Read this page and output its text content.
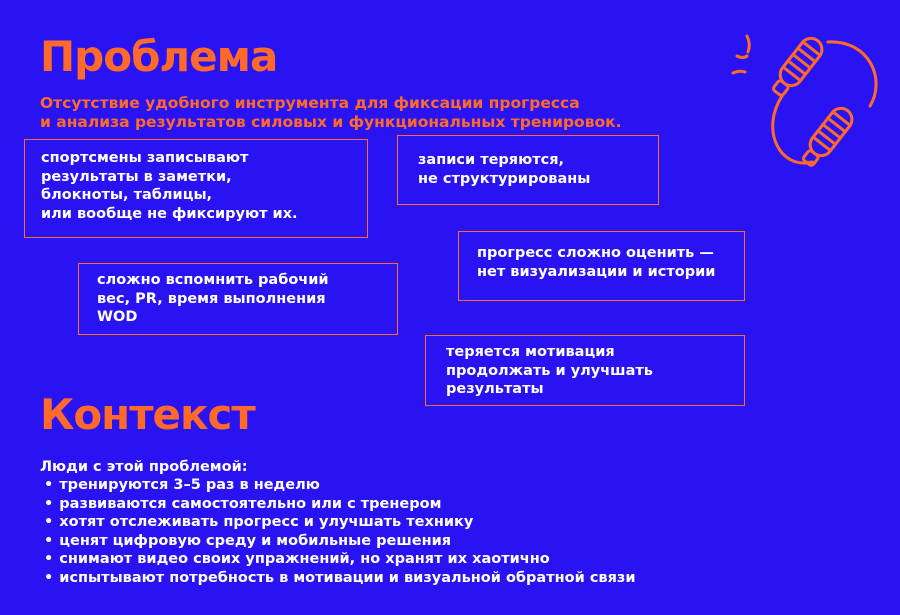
Проблема
Отсутствие удобного инструмента для фиксации прогресса
и анализа результатов силовых и функциональных тренировок.

спортсмены записывают

результаты в заметки,

блокноты, таблицы,

или вообще не фиксируют их.

записи теряются,

не структурированы

прогресс сложно оценить —

нет визуализации и истории

сложно вспомнить рабочий

вес, PR, время выполнения

WOD

теряется мотивация

продолжать и улучшать

результаты

Контекст
Люди с этой проблемой:
• тренируются 3–5 раз в неделю
• развиваются самостоятельно или с тренером
• хотят отслеживать прогресс и улучшать технику
• ценят цифровую среду и мобильные решения
• снимают видео своих упражнений, но хранят их хаотично
• испытывают потребность в мотивации и визуальной обратной связи
